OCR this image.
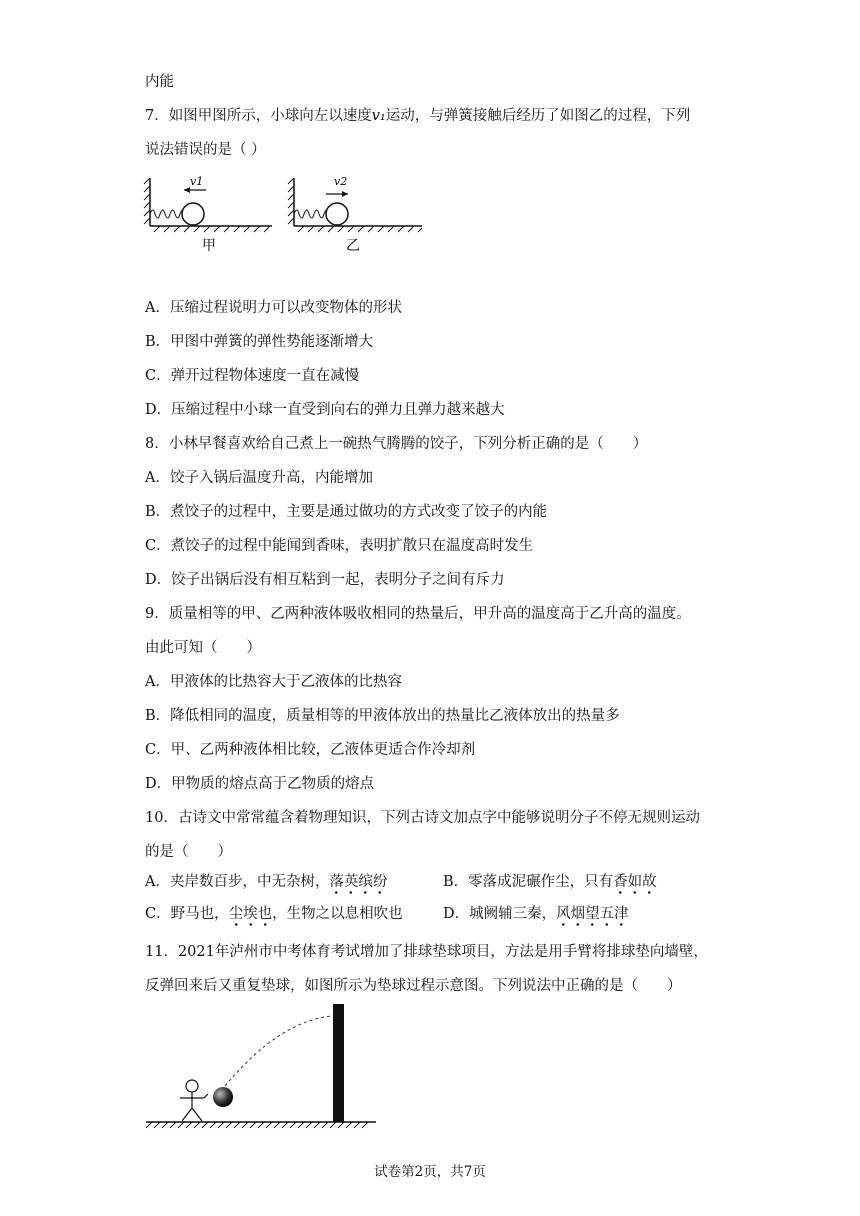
内能
7．如图甲图所示，小球向左以速度v₁运动，与弹簧接触后经历了如图乙的过程，下列
说法错误的是（ ）
v1
甲
v2
乙
A．压缩过程说明力可以改变物体的形状
B．甲图中弹簧的弹性势能逐渐增大
C．弹开过程物体速度一直在减慢
D．压缩过程中小球一直受到向右的弹力且弹力越来越大
8．小林早餐喜欢给自己煮上一碗热气腾腾的饺子，下列分析正确的是（　　）
A．饺子入锅后温度升高，内能增加
B．煮饺子的过程中，主要是通过做功的方式改变了饺子的内能
C．煮饺子的过程中能闻到香味，表明扩散只在温度高时发生
D．饺子出锅后没有相互粘到一起，表明分子之间有斥力
9．质量相等的甲、乙两种液体吸收相同的热量后，甲升高的温度高于乙升高的温度。
由此可知（　　）
A．甲液体的比热容大于乙液体的比热容
B．降低相同的温度，质量相等的甲液体放出的热量比乙液体放出的热量多
C．甲、乙两种液体相比较，乙液体更适合作冷却剂
D．甲物质的熔点高于乙物质的熔点
10．古诗文中常常蕴含着物理知识，下列古诗文加点字中能够说明分子不停无规则运动
的是（　　）
A．夹岸数百步，中无杂树，落英缤纷	B．零落成泥碾作尘，只有香如故
C．野马也，尘埃也，生物之以息相吹也	D．城阙辅三秦，风烟望五津
11．2021年泸州市中考体育考试增加了排球垫球项目，方法是用手臂将排球垫向墙壁，
反弹回来后又重复垫球，如图所示为垫球过程示意图。下列说法中正确的是（　　）
试卷第2页，共7页
